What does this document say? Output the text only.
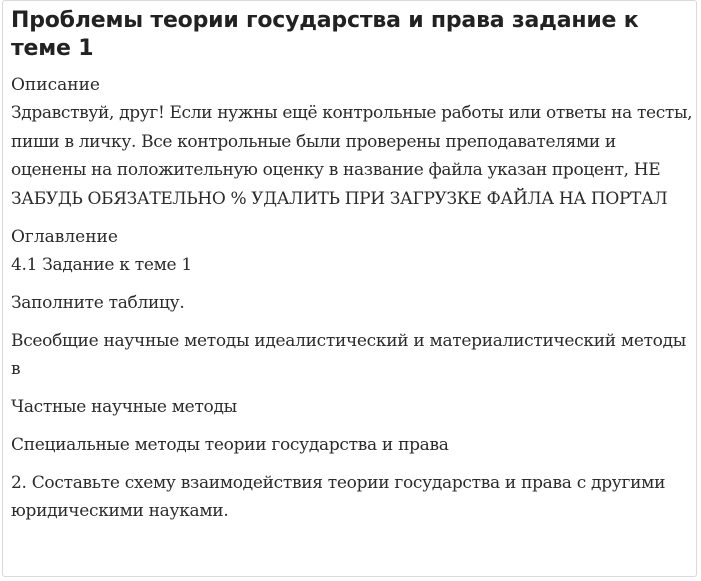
Проблемы теории государства и права задание к теме 1
Описание
Здравствуй, друг! Если нужны ещё контрольные работы или ответы на тесты, пиши в личку. Все контрольные были проверены преподавателями и оценены на положительную оценку в название файла указан процент, НЕ ЗАБУДЬ ОБЯЗАТЕЛЬНО % УДАЛИТЬ ПРИ ЗАГРУЗКЕ ФАЙЛА НА ПОРТАЛ
Оглавление
4.1 Задание к теме 1
Заполните таблицу.
Всеобщие научные методы идеалистический и материалистический методы в
Частные научные методы
Специальные методы теории государства и права
2. Составьте схему взаимодействия теории государства и права с другими юридическими науками.
